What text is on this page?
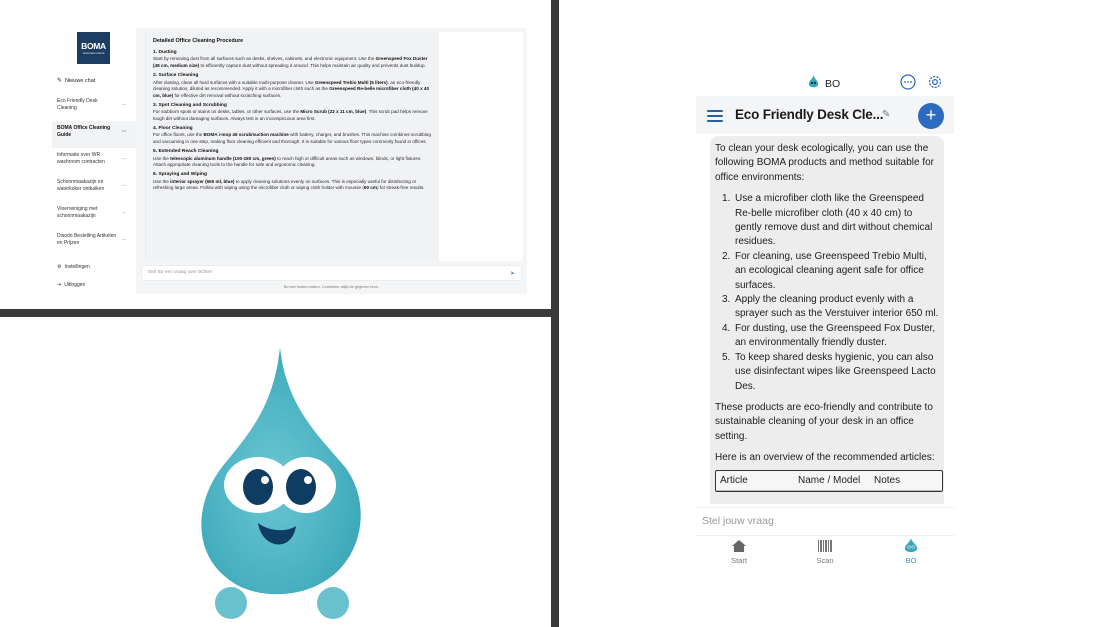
BOMA
schoonmaken met kennis
✎ Nieuwe chat
Eco Friendly Desk Cleaning
···
BOMA Office Cleaning Guide
···
Informatie over WR washroom contracten
···
Schoonmaakazijn en waterkoker ontkalken
···
Vloerreiniging met schoonmaakazijn
···
Disodo Bestelling Artikelen en Prijzen
···
⚙ Instellingen
⇥ Uitloggen
Detailed Office Cleaning Procedure
1. Dusting
Start by removing dust from all surfaces such as desks, shelves, cabinets, and electronic equipment. Use the Greenspeed Fox Duster (48 cm, medium size) to efficiently capture dust without spreading it around. This helps maintain air quality and prevents dust buildup.
2. Surface Cleaning
After dusting, clean all hard surfaces with a suitable multi-purpose cleaner. Use Greenspeed Trebio Multi (5 liters), an eco-friendly cleaning solution, diluted as recommended. Apply it with a microfiber cloth such as the Greenspeed Re-belle microfiber cloth (40 x 40 cm, blue) for effective dirt removal without scratching surfaces.
3. Spot Cleaning and Scrubbing
For stubborn spots or stains on desks, tables, or other surfaces, use the Micro Scrub (22 x 11 cm, blue). This scrub pad helps remove tough dirt without damaging surfaces. Always test in an inconspicuous area first.
4. Floor Cleaning
For office floors, use the BOMA i-mop 46 scrub/suction machine with battery, charger, and brushes. This machine combines scrubbing and vacuuming in one step, making floor cleaning efficient and thorough. It is suitable for various floor types commonly found in offices.
5. Extended Reach Cleaning
Use the telescopic aluminum handle (100-180 cm, green) to reach high or difficult areas such as windows, blinds, or light fixtures. Attach appropriate cleaning tools to the handle for safe and ergonomic cleaning.
6. Spraying and Wiping
Use the interior sprayer (650 ml, blue) to apply cleaning solutions evenly on surfaces. This is especially useful for disinfecting or refreshing large areas. Follow with wiping using the microfiber cloth or wiping cloth holder with mousse (60 cm) for streak-free results.
Stel Bo een vraag over BOMA	➤
Bo kan fouten maken. Controleer altijd de gegeven bron.
BO
Eco Friendly Desk Cle...
✎	+

To clean your desk ecologically, you can use the following BOMA products and method suitable for office environments:

1. Use a microfiber cloth like the Greenspeed Re-belle microfiber cloth (40 x 40 cm) to gently remove dust and dirt without chemical residues.
2. For cleaning, use Greenspeed Trebio Multi, an ecological cleaning agent safe for office surfaces.
3. Apply the cleaning product evenly with a sprayer such as the Verstuiver interior 650 ml.
4. For dusting, use the Greenspeed Fox Duster, an environmentally friendly duster.
5. To keep shared desks hygienic, you can also use disinfectant wipes like Greenspeed Lacto Des.

These products are eco-friendly and contribute to sustainable cleaning of your desk in an office setting.

Here is an overview of the recommended articles:

Article	Name / Model	Notes
Stel jouw vraag
Start	Scan	BO
